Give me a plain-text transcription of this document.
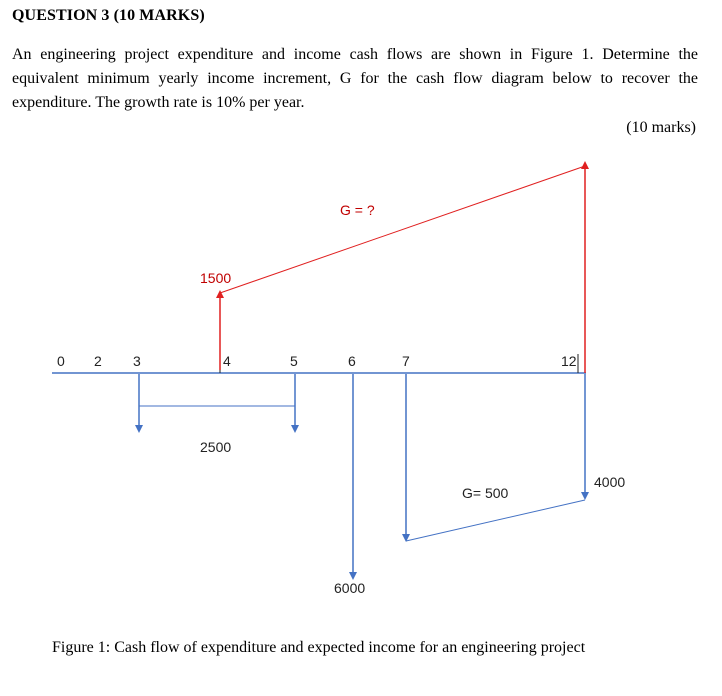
QUESTION 3 (10 MARKS)

An engineering project expenditure and income cash flows are shown in Figure 1. Determine the equivalent minimum yearly income increment, G for the cash flow diagram below to recover the expenditure. The growth rate is 10% per year.

(10 marks)

0 2 3	4	5	6	7	12
1500
G = ?
2500
6000
G= 500
4000

Figure 1: Cash flow of expenditure and expected income for an engineering project
